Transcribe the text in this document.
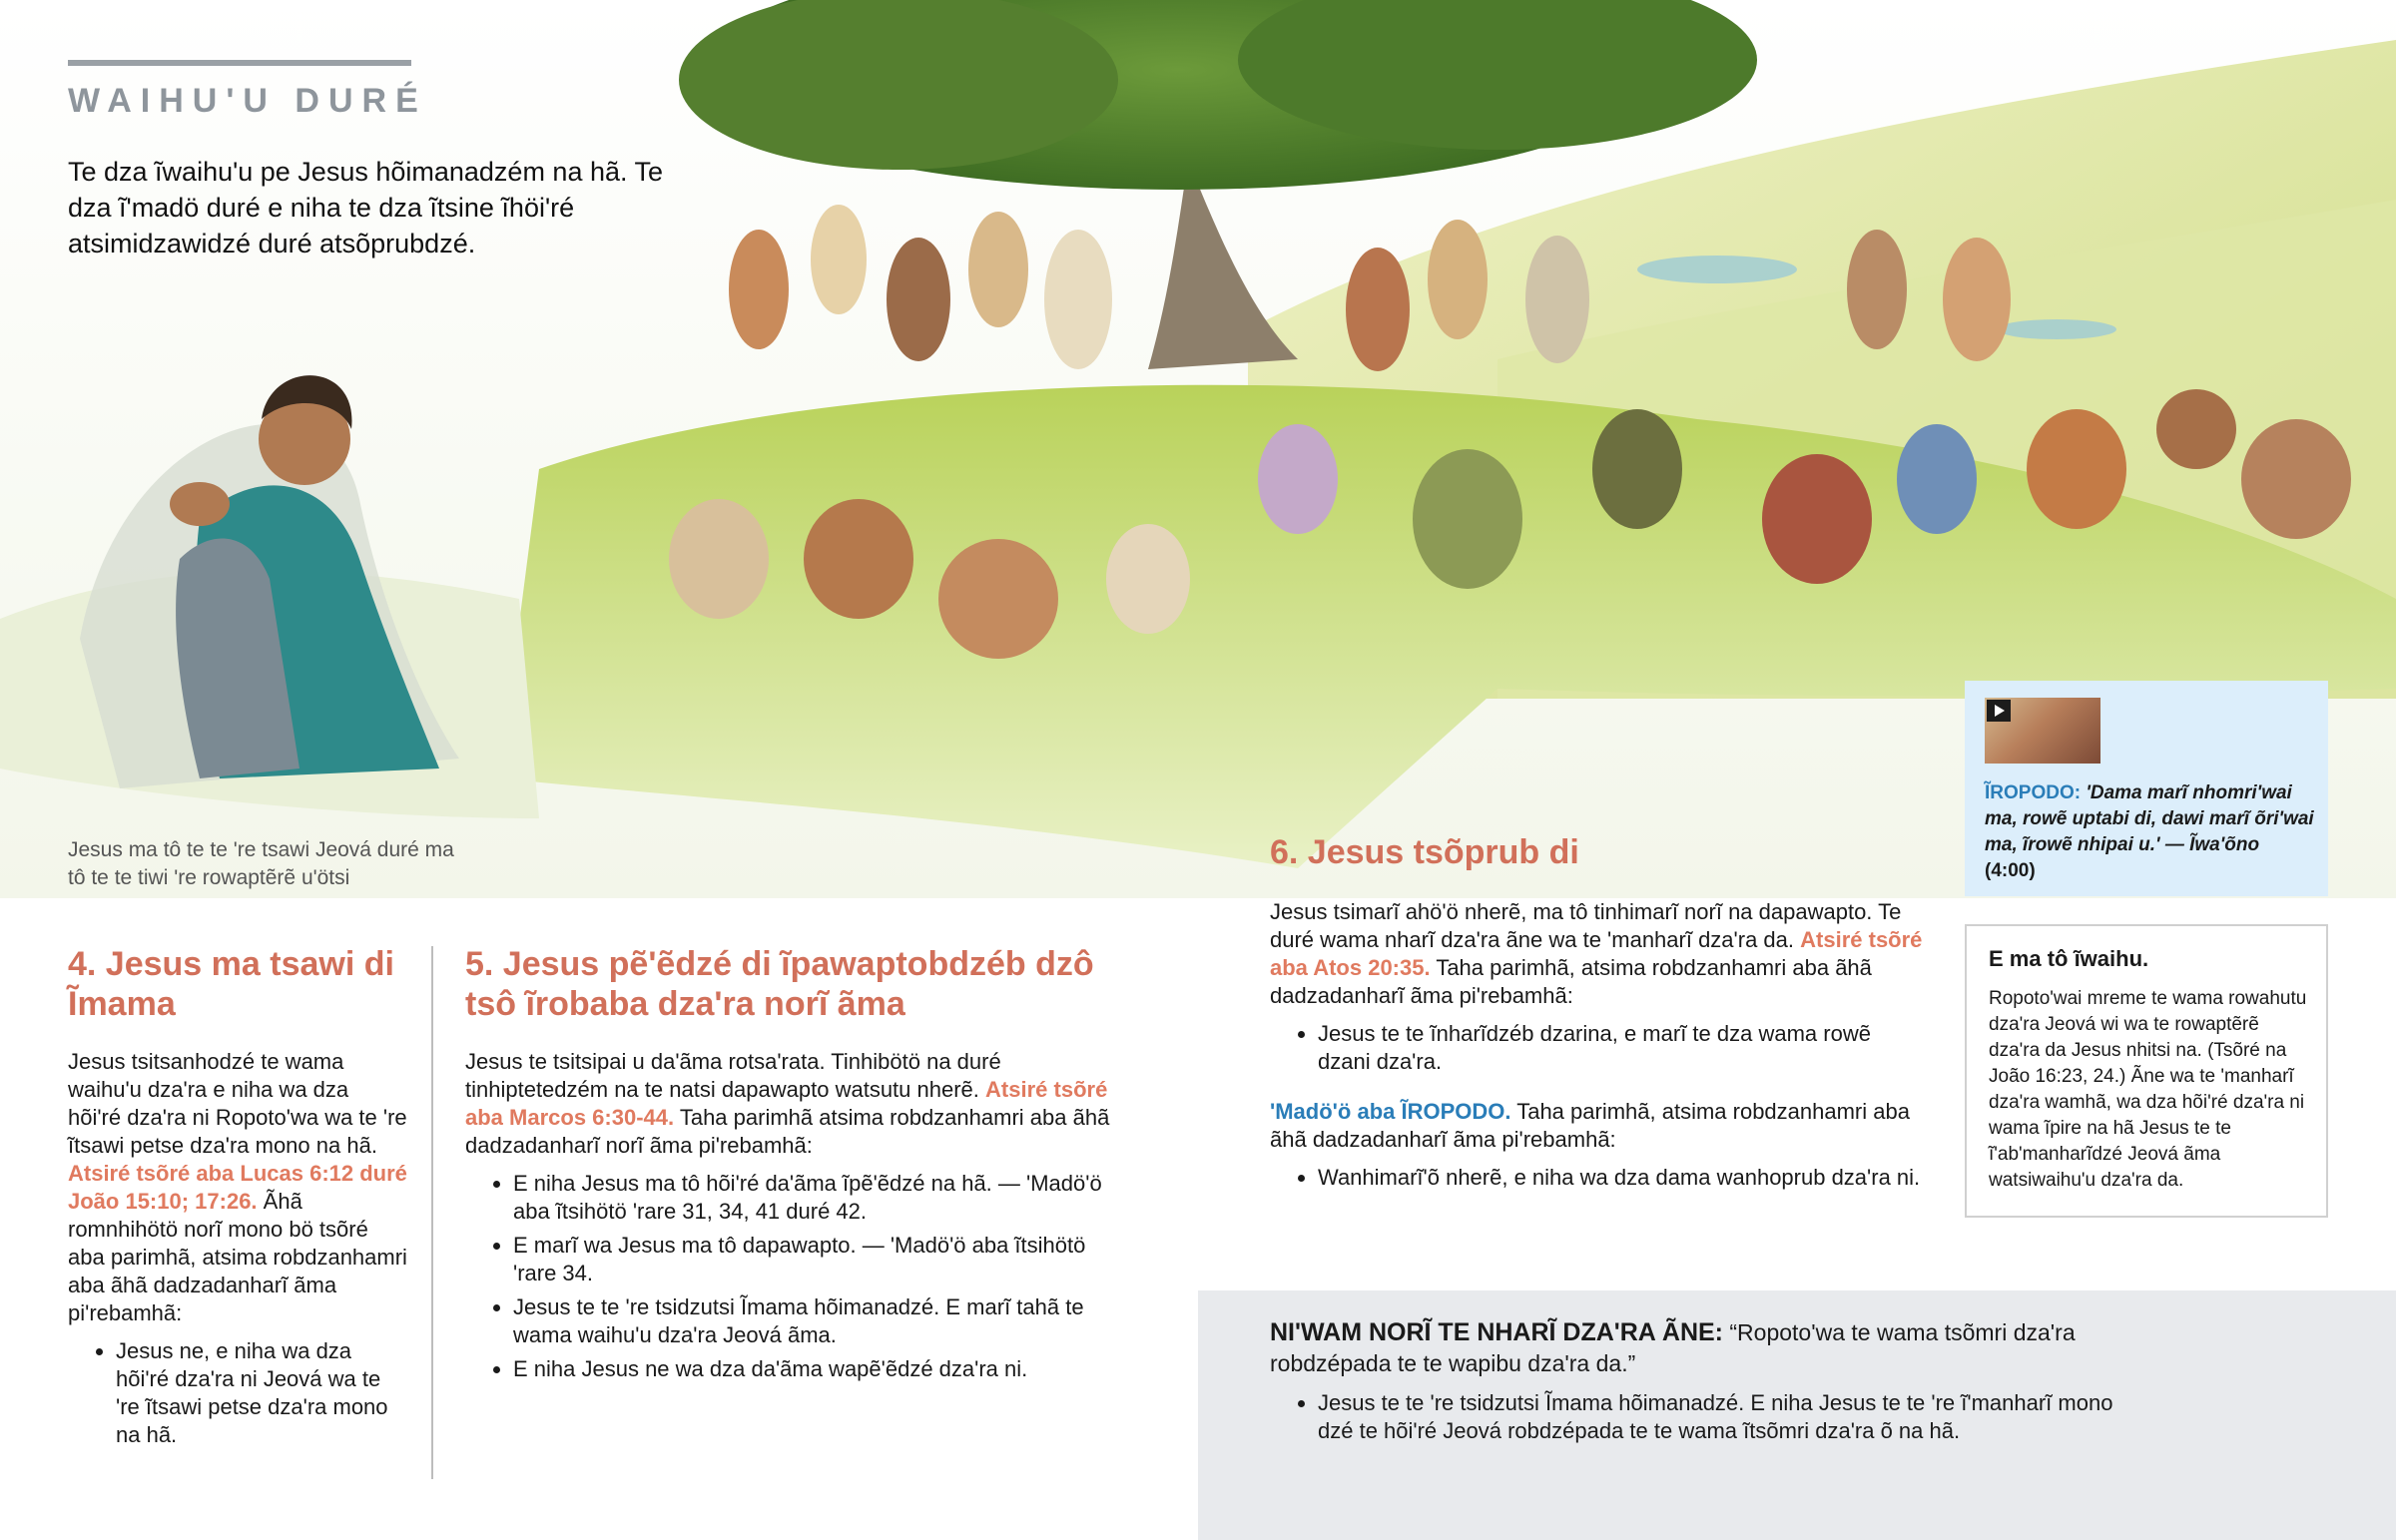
WAIHU'U DURÉ
Te dza ĩwaihu'u pe Jesus hõimanadzém na hã. Te dza ĩ'madö duré e niha te dza ĩtsine ĩhöi'ré atsimidzawidzé duré atsõprubdzé.
Jesus ma tô te te 're tsawi Jeová duré ma tô te te tiwi 're rowaptẽrẽ u'ötsi
4. Jesus ma tsawi di Ĩmama
Jesus tsitsanhodzé te wama waihu'u dza'ra e niha wa dza hõi'ré dza'ra ni Ropoto'wa wa te 're ĩtsawi petse dza'ra mono na hã. Atsiré tsõré aba Lucas 6:12 duré João 15:10; 17:26. Ãhã romnhihötö norĩ mono bö tsõré aba parimhã, atsima robdzanhamri aba ãhã dadzadanharĩ ãma pi'rebamhã:
• Jesus ne, e niha wa dza hõi'ré dza'ra ni Jeová wa te 're ĩtsawi petse dza'ra mono na hã.
5. Jesus pẽ'ẽdzé di ĩpawaptobdzéb dzô tsô ĩrobaba dza'ra norĩ ãma
Jesus te tsitsipai u da'ãma rotsa'rata. Tinhibötö na duré tinhiptetedzém na te natsi dapawapto watsutu nherẽ. Atsiré tsõré aba Marcos 6:30-44. Taha parimhã atsima robdzanhamri aba ãhã dadzadanharĩ norĩ ãma pi'rebamhã:
• E niha Jesus ma tô hõi'ré da'ãma ĩpẽ'ẽdzé na hã. — 'Madö'ö aba ĩtsihötö 'rare 31, 34, 41 duré 42.
• E marĩ wa Jesus ma tô dapawapto. — 'Madö'ö aba ĩtsihötö 'rare 34.
• Jesus te te 're tsidzutsi Ĩmama hõimanadzé. E marĩ tahã te wama waihu'u dza'ra Jeová ãma.
• E niha Jesus ne wa dza da'ãma wapẽ'ẽdzé dza'ra ni.
6. Jesus tsõprub di
Jesus tsimarĩ ahö'ö nherẽ, ma tô tinhimarĩ norĩ na dapawapto. Te duré wama nharĩ dza'ra ãne wa te 'manharĩ dza'ra da. Atsiré tsõré aba Atos 20:35. Taha parimhã, atsima robdzanhamri aba ãhã dadzadanharĩ ãma pi'rebamhã:
• Jesus te te ĩnharĩdzéb dzarina, e marĩ te dza wama rowẽ dzani dza'ra.
'Madö'ö aba ĨROPODO. Taha parimhã, atsima robdzanhamri aba ãhã dadzadanharĩ ãma pi'rebamhã:
• Wanhimarĩ'õ nherẽ, e niha wa dza dama wanhoprub dza'ra ni.
ĨROPODO: 'Dama marĩ nhomri'wai ma, rowẽ uptabi di, dawi marĩ õri'wai ma, ĩrowẽ nhipai u.' — Ĩwa'õno (4:00)
E ma tô ĩwaihu.
Ropoto'wai mreme te wama rowahutu dza'ra Jeová wi wa te rowaptẽrẽ dza'ra da Jesus nhitsi na. (Tsõré na João 16:23, 24.) Ãne wa te 'manharĩ dza'ra wamhã, wa dza hõi'ré dza'ra ni wama ĩpire na hã Jesus te te ĩ'ab'manharĩdzé Jeová ãma watsiwaihu'u dza'ra da.
NI'WAM NORĨ TE NHARĨ DZA'RA ÃNE: “Ropoto'wa te wama tsõmri dza'ra robdzépada te te wapibu dza'ra da.”
• Jesus te te 're tsidzutsi Ĩmama hõimanadzé. E niha Jesus te te 're ĩ'manharĩ mono dzé te hõi'ré Jeová robdzépada te te wama ĩtsõmri dza'ra õ na hã.
